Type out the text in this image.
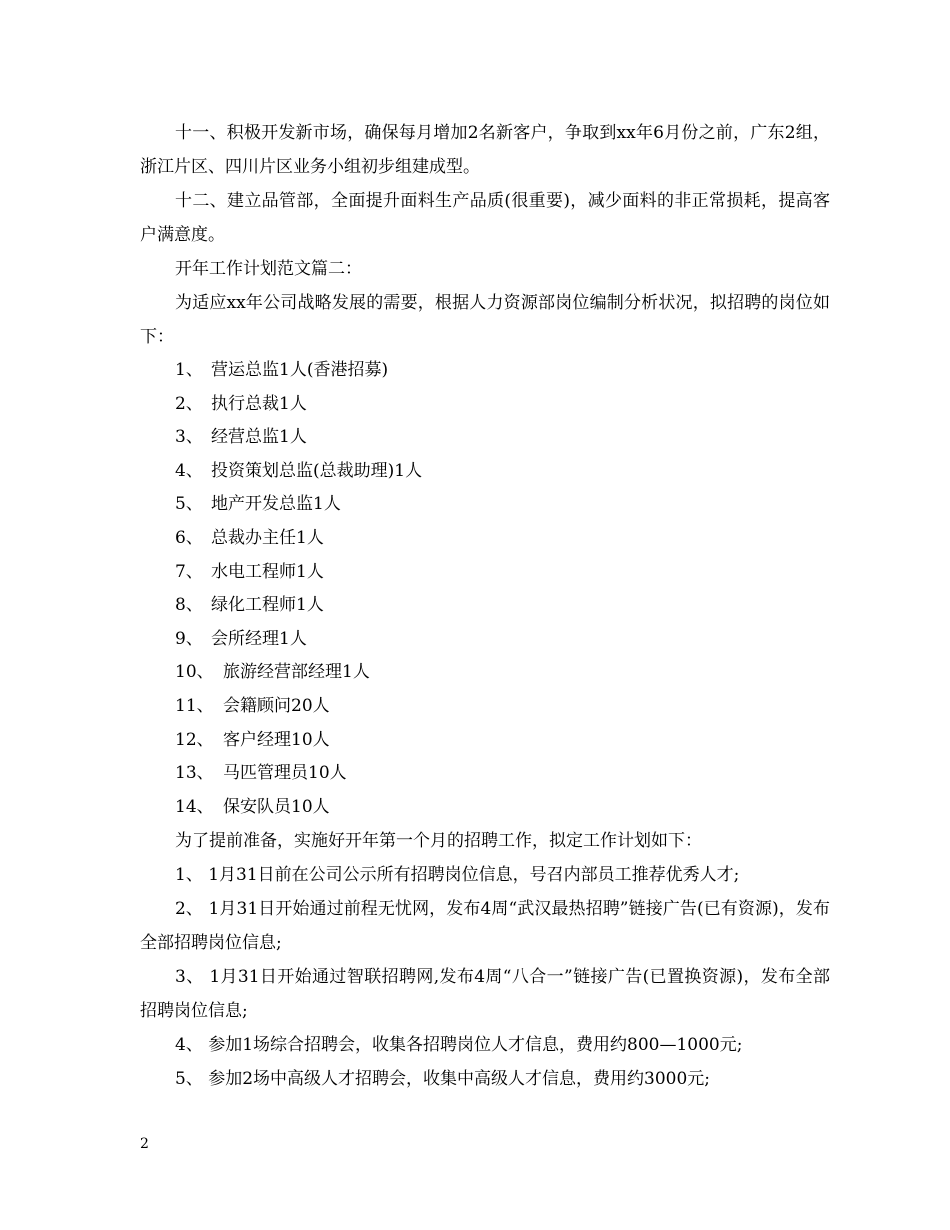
十一、积极开发新市场，确保每月增加2名新客户，争取到xx年6月份之前，广东2组，浙江片区、四川片区业务小组初步组建成型。

十二、建立品管部，全面提升面料生产品质(很重要)，减少面料的非正常损耗，提高客户满意度。

开年工作计划范文篇二：

为适应xx年公司战略发展的需要，根据人力资源部岗位编制分析状况，拟招聘的岗位如下：

1、 营运总监1人(香港招募)

2、 执行总裁1人

3、 经营总监1人

4、 投资策划总监(总裁助理)1人

5、 地产开发总监1人

6、 总裁办主任1人

7、 水电工程师1人

8、 绿化工程师1人

9、 会所经理1人

10、 旅游经营部经理1人

11、 会籍顾问20人

12、 客户经理10人

13、 马匹管理员10人

14、 保安队员10人

为了提前准备，实施好开年第一个月的招聘工作，拟定工作计划如下：

1、 1月31日前在公司公示所有招聘岗位信息，号召内部员工推荐优秀人才;

2、 1月31日开始通过前程无忧网，发布4周“武汉最热招聘”链接广告(已有资源)，发布全部招聘岗位信息;

3、 1月31日开始通过智联招聘网,发布4周“八合一”链接广告(已置换资源)，发布全部招聘岗位信息;

4、 参加1场综合招聘会，收集各招聘岗位人才信息，费用约800—1000元;

5、 参加2场中高级人才招聘会，收集中高级人才信息，费用约3000元;

2
